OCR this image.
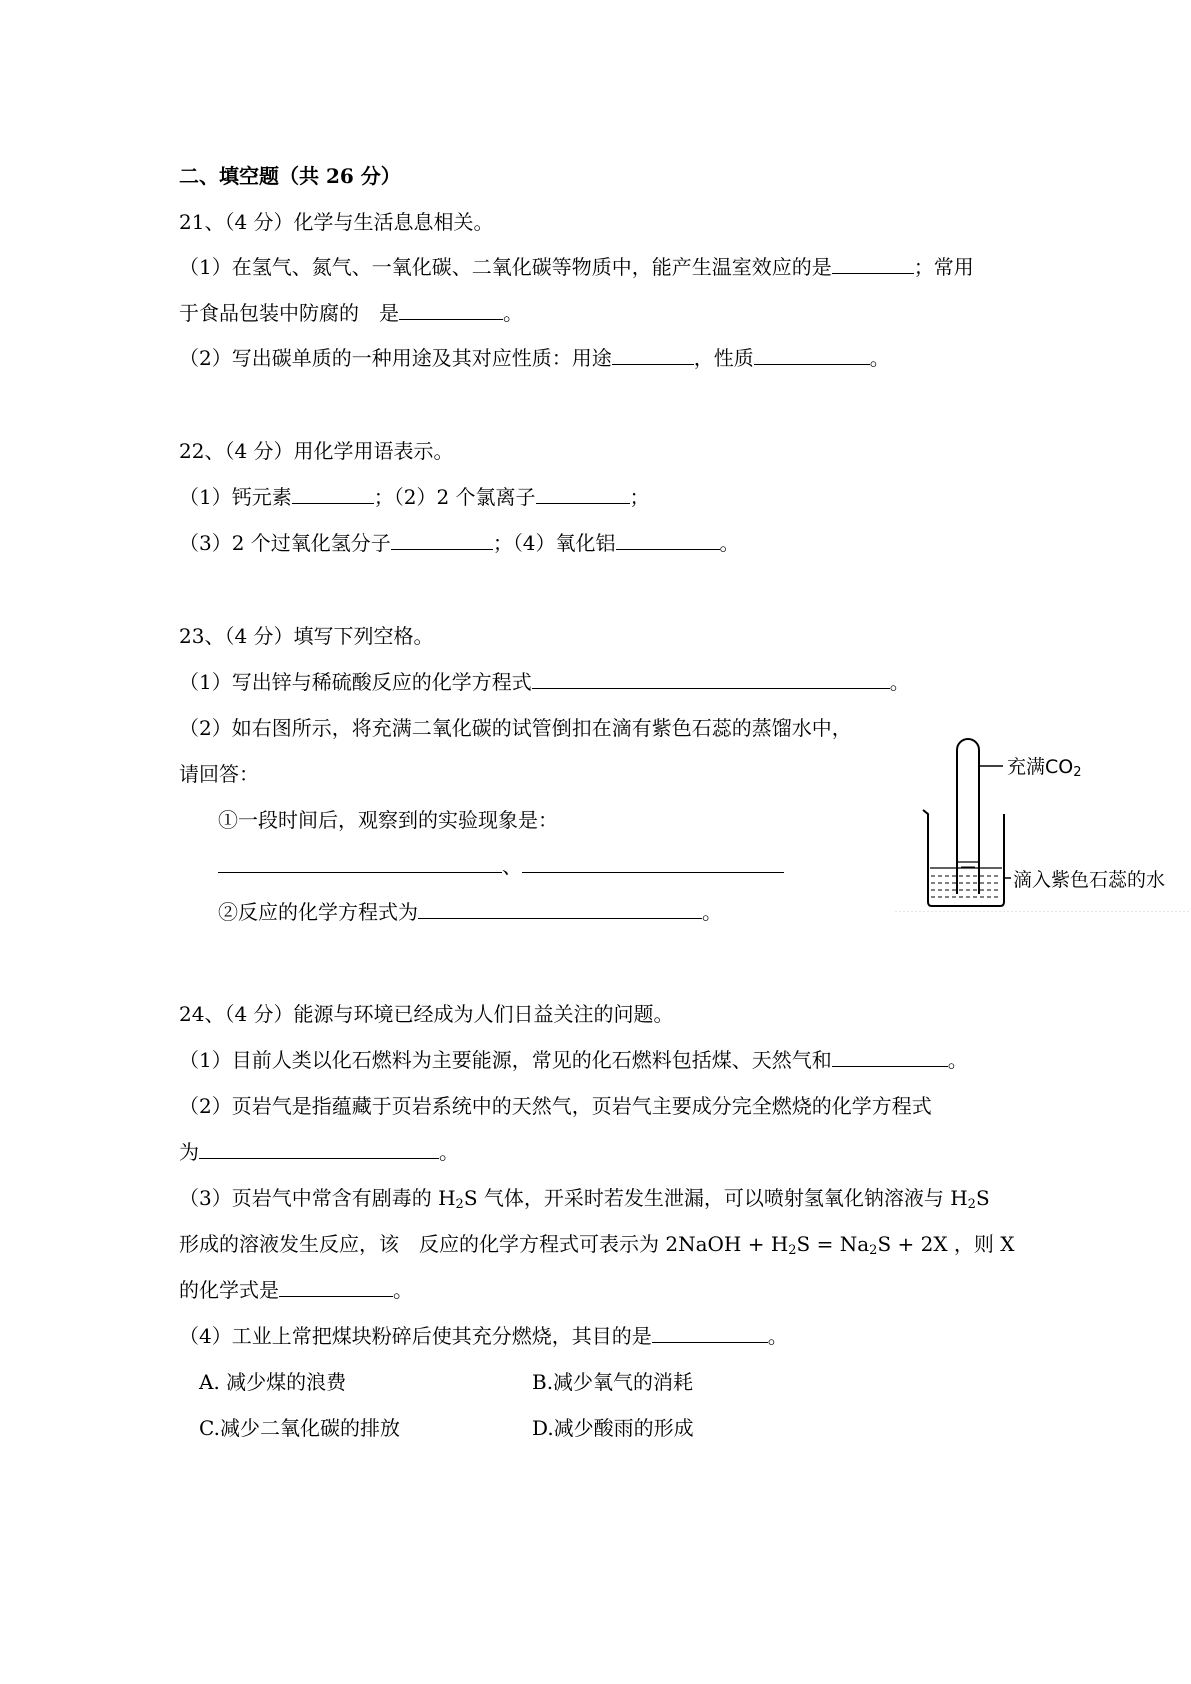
二、填空题（共 26 分）
21、（4 分）化学与生活息息相关。
（1）在氢气、氮气、一氧化碳、二氧化碳等物质中，能产生温室效应的是	；常用
于食品包装中防腐的　是	。
（2）写出碳单质的一种用途及其对应性质：用途	，性质	。
22、（4 分）用化学用语表示。
（1）钙元素	；（2）2 个氯离子	；
（3）2 个过氧化氢分子	；（4）氧化铝	。
23、（4 分）填写下列空格。
（1）写出锌与稀硫酸反应的化学方程式	。
（2）如右图所示，将充满二氧化碳的试管倒扣在滴有紫色石蕊的蒸馏水中，
请回答：
①一段时间后，观察到的实验现象是：
、
②反应的化学方程式为	。
充满$CO_2$
滴入紫色石蕊的水
24、（4 分）能源与环境已经成为人们日益关注的问题。
（1）目前人类以化石燃料为主要能源，常见的化石燃料包括煤、天然气和	。
（2）页岩气是指蕴藏于页岩系统中的天然气，页岩气主要成分完全燃烧的化学方程式
为	。
（3）页岩气中常含有剧毒的 $H_2S$ 气体，开采时若发生泄漏，可以喷射氢氧化钠溶液与 $H_2S$
形成的溶液发生反应，该　反应的化学方程式可表示为 2NaOH + $H_2S = Na_2S + 2X$ ，则 X
的化学式是	。
（4）工业上常把煤块粉碎后使其充分燃烧，其目的是	。
A. 减少煤的浪费	B.减少氧气的消耗
C.减少二氧化碳的排放	D.减少酸雨的形成
